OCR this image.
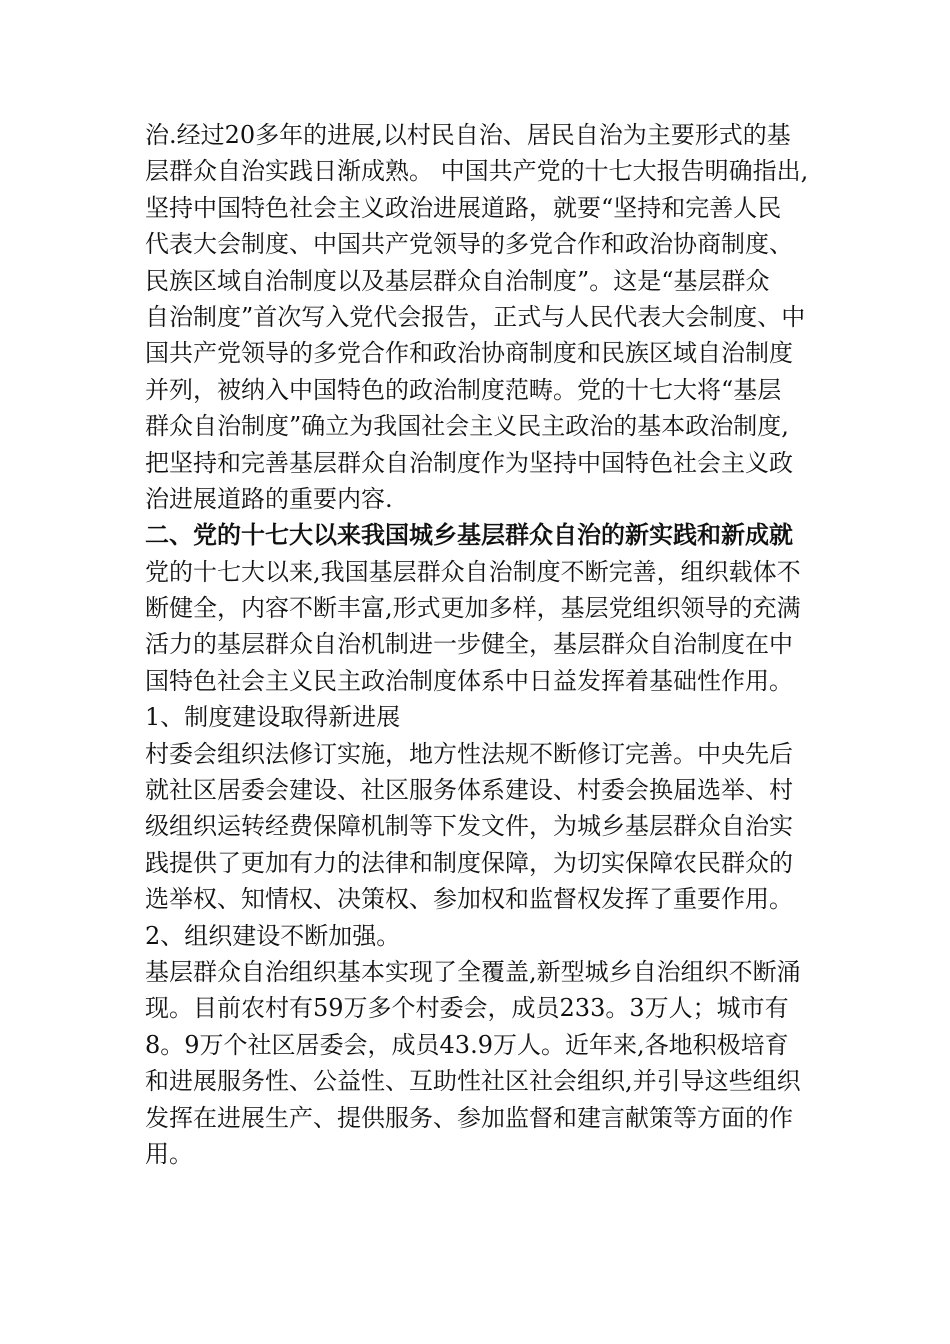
治.经过20多年的进展,以村民自治、居民自治为主要形式的基
层群众自治实践日渐成熟。 中国共产党的十七大报告明确指出,
坚持中国特色社会主义政治进展道路，就要“坚持和完善人民
代表大会制度、中国共产党领导的多党合作和政治协商制度、
民族区域自治制度以及基层群众自治制度”。这是“基层群众
自治制度”首次写入党代会报告，正式与人民代表大会制度、中
国共产党领导的多党合作和政治协商制度和民族区域自治制度
并列，被纳入中国特色的政治制度范畴。党的十七大将“基层
群众自治制度”确立为我国社会主义民主政治的基本政治制度,
把坚持和完善基层群众自治制度作为坚持中国特色社会主义政
治进展道路的重要内容.
二、党的十七大以来我国城乡基层群众自治的新实践和新成就
党的十七大以来,我国基层群众自治制度不断完善，组织载体不
断健全，内容不断丰富,形式更加多样，基层党组织领导的充满
活力的基层群众自治机制进一步健全，基层群众自治制度在中
国特色社会主义民主政治制度体系中日益发挥着基础性作用。
1、制度建设取得新进展
村委会组织法修订实施，地方性法规不断修订完善。中央先后
就社区居委会建设、社区服务体系建设、村委会换届选举、村
级组织运转经费保障机制等下发文件，为城乡基层群众自治实
践提供了更加有力的法律和制度保障，为切实保障农民群众的
选举权、知情权、决策权、参加权和监督权发挥了重要作用。
2、组织建设不断加强。
基层群众自治组织基本实现了全覆盖,新型城乡自治组织不断涌
现。目前农村有59万多个村委会，成员233。3万人；城市有
8。9万个社区居委会，成员43.9万人。近年来,各地积极培育
和进展服务性、公益性、互助性社区社会组织,并引导这些组织
发挥在进展生产、提供服务、参加监督和建言献策等方面的作
用。
